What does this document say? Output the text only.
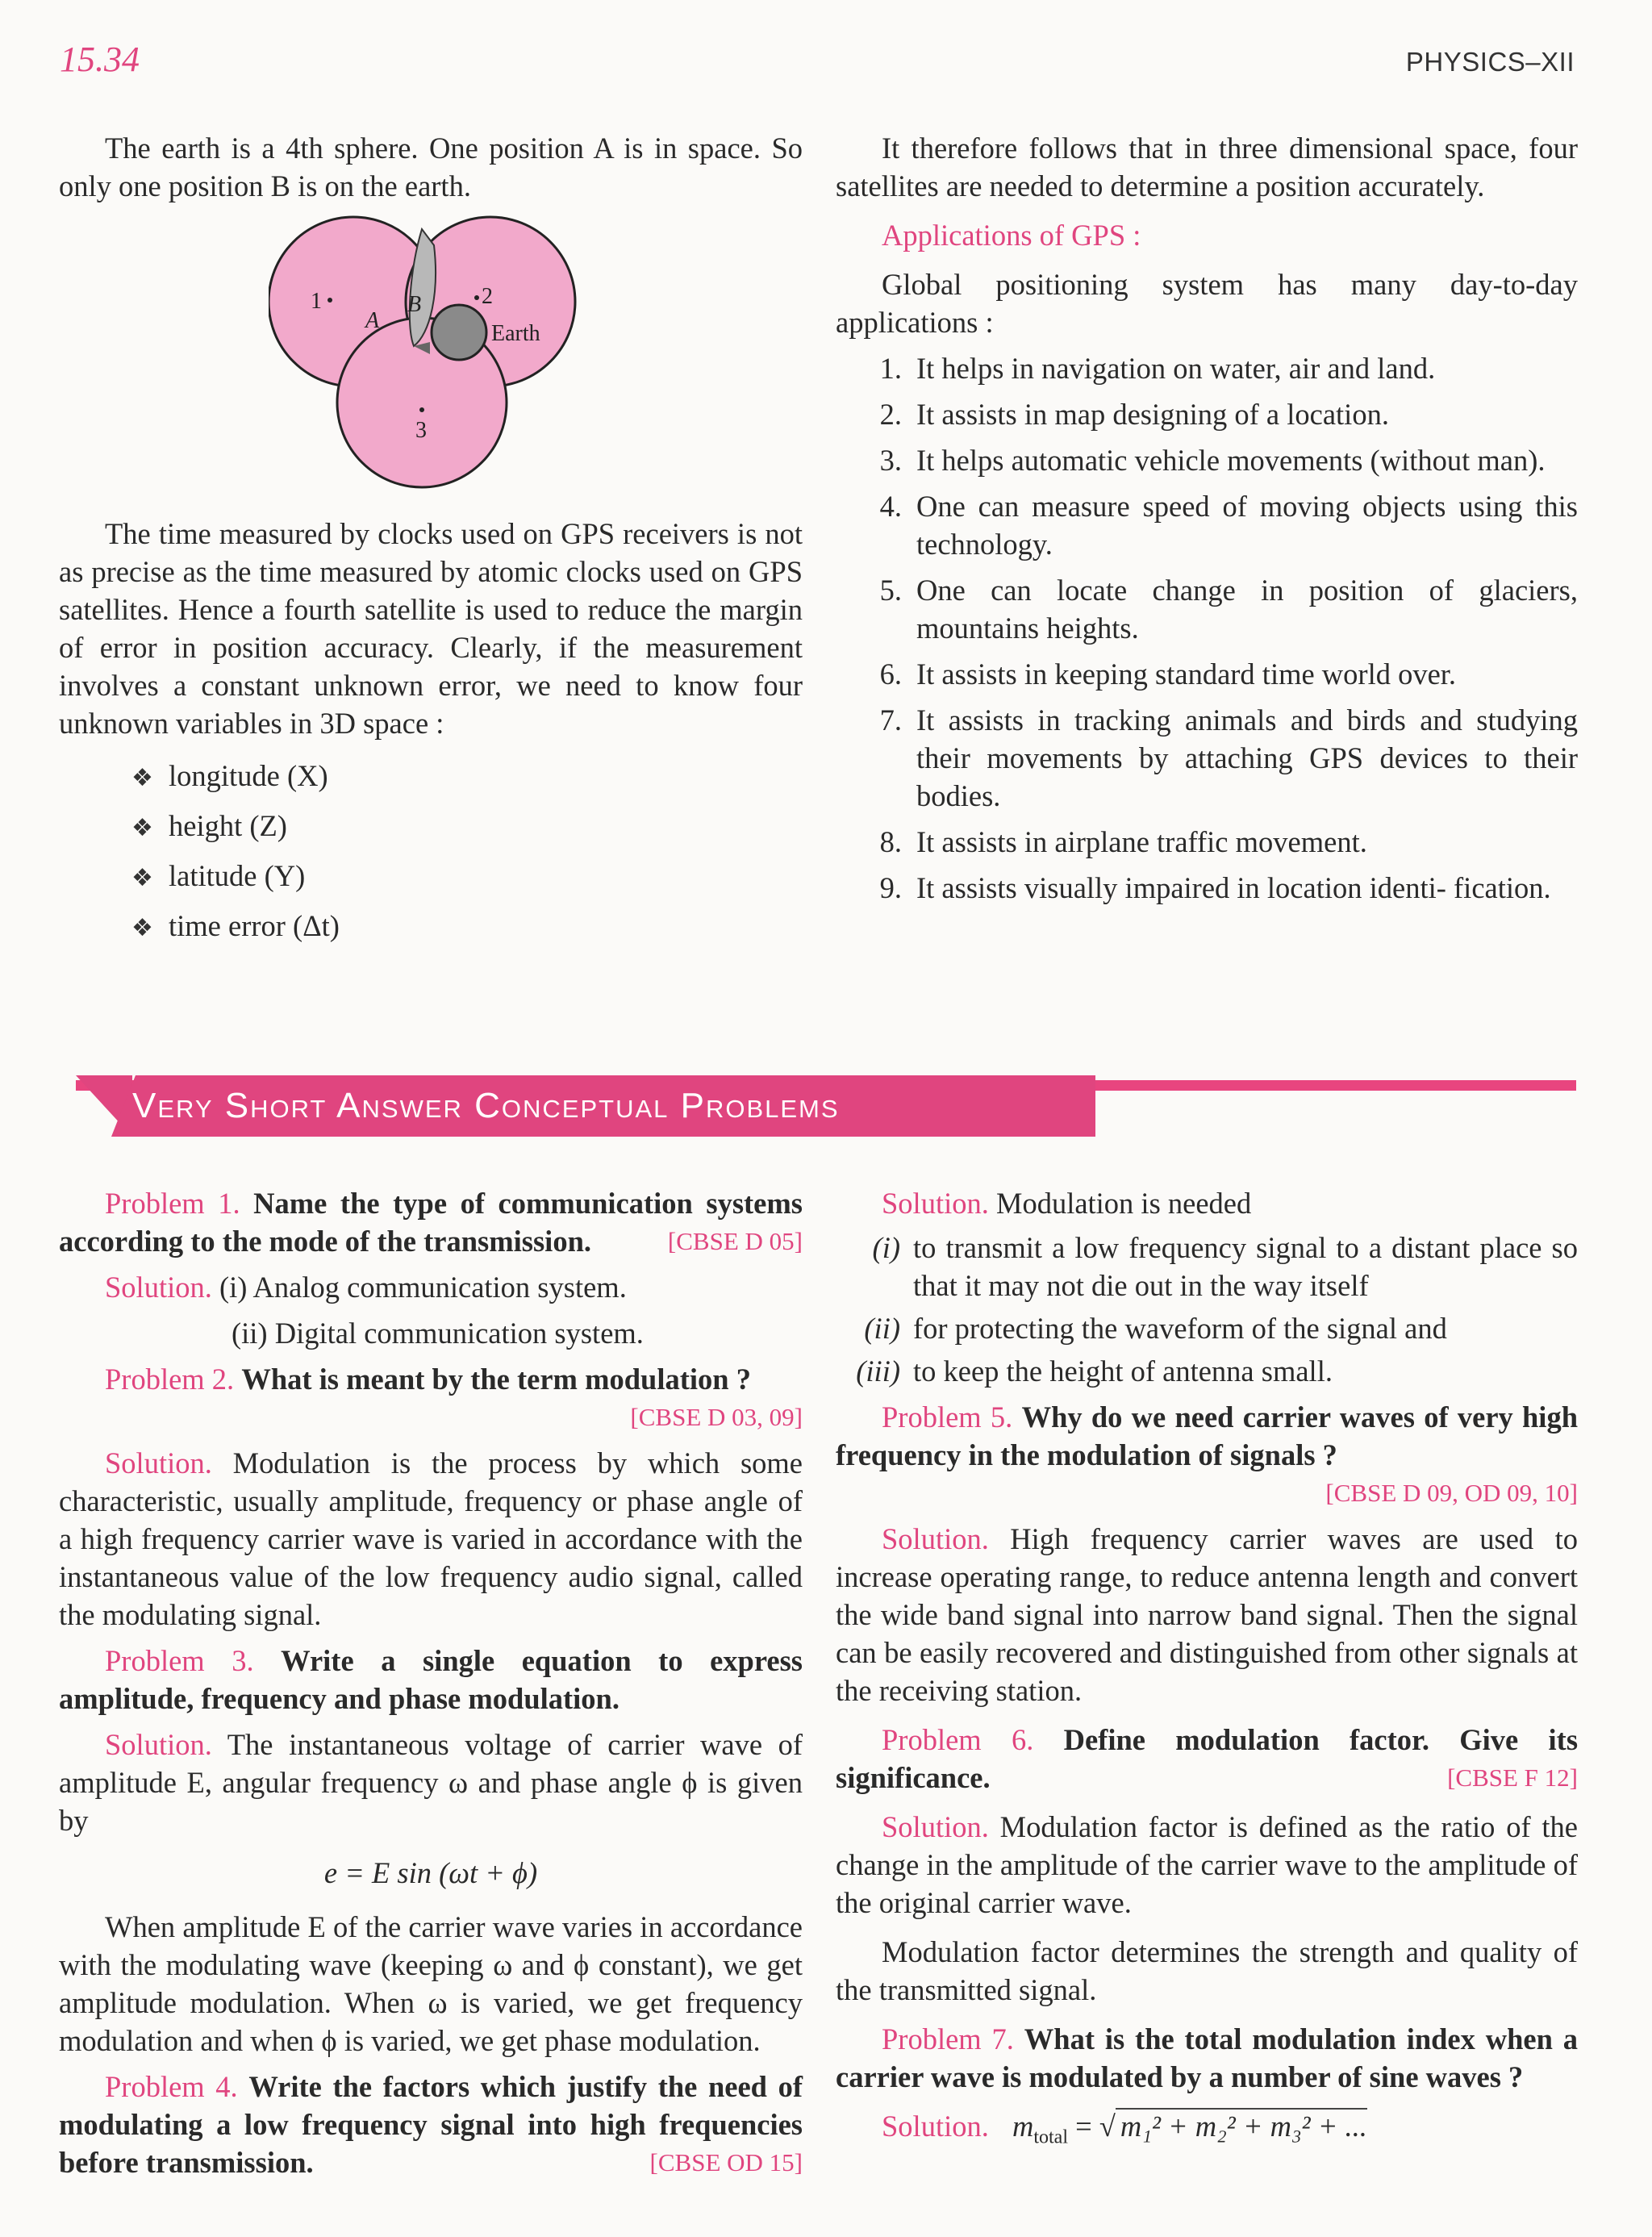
15.34	PHYSICS–XII

The earth is a 4th sphere. One position A is in space. So only one position B is on the earth.

1
A
B	2
Earth
3

The time measured by clocks used on GPS receivers is not as precise as the time measured by atomic clocks used on GPS satellites. Hence a fourth satellite is used to reduce the margin of error in position accuracy. Clearly, if the measurement involves a constant unknown error, we need to know four unknown variables in 3D space :

❖ longitude (X)
❖ height (Z)
❖ latitude (Y)
❖ time error (Δt)

It therefore follows that in three dimensional space, four satellites are needed to determine a position accurately.

Applications of GPS :

Global positioning system has many day-to-day applications :

1. It helps in navigation on water, air and land.
2. It assists in map designing of a location.
3. It helps automatic vehicle movements (without man).
4. One can measure speed of moving objects using this technology.
5. One can locate change in position of glaciers, mountains heights.
6. It assists in keeping standard time world over.
7. It assists in tracking animals and birds and studying their movements by attaching GPS devices to their bodies.
8. It assists in airplane traffic movement.
9. It assists visually impaired in location identi- fication.
Very Short Answer Conceptual Problems

Problem 1. Name the type of communication systems according to the mode of the transmission.	[CBSE D 05]

Solution. (i) Analog communication system.

(ii) Digital communication system.

Problem 2. What is meant by the term modulation ?

[CBSE D 03, 09]

Solution. Modulation is the process by which some characteristic, usually amplitude, frequency or phase angle of a high frequency carrier wave is varied in accordance with the instantaneous value of the low frequency audio signal, called the modulating signal.

Problem 3. Write a single equation to express amplitude, frequency and phase modulation.

Solution. The instantaneous voltage of carrier wave of amplitude E, angular frequency ω and phase angle ϕ is given by

e = E sin (ωt + ϕ)

When amplitude E of the carrier wave varies in accordance with the modulating wave (keeping ω and ϕ constant), we get amplitude modulation. When ω is varied, we get frequency modulation and when ϕ is varied, we get phase modulation.

Problem 4. Write the factors which justify the need of modulating a low frequency signal into high frequencies before transmission.	[CBSE OD 15]

Solution. Modulation is needed

(i) to transmit a low frequency signal to a distant place so that it may not die out in the way itself
(ii) for protecting the waveform of the signal and
(iii) to keep the height of antenna small.

Problem 5. Why do we need carrier waves of very high frequency in the modulation of signals ?

[CBSE D 09, OD 09, 10]

Solution. High frequency carrier waves are used to increase operating range, to reduce antenna length and convert the wide band signal into narrow band signal. Then the signal can be easily recovered and distinguished from other signals at the receiving station.

Problem 6. Define modulation factor. Give its significance.	[CBSE F 12]

Solution. Modulation factor is defined as the ratio of the change in the amplitude of the carrier wave to the amplitude of the original carrier wave.

Modulation factor determines the strength and quality of the transmitted signal.

Problem 7. What is the total modulation index when a carrier wave is modulated by a number of sine waves ?

Solution. $m_{total}$ = √ m₁² + m₂² + m₃² + ...
